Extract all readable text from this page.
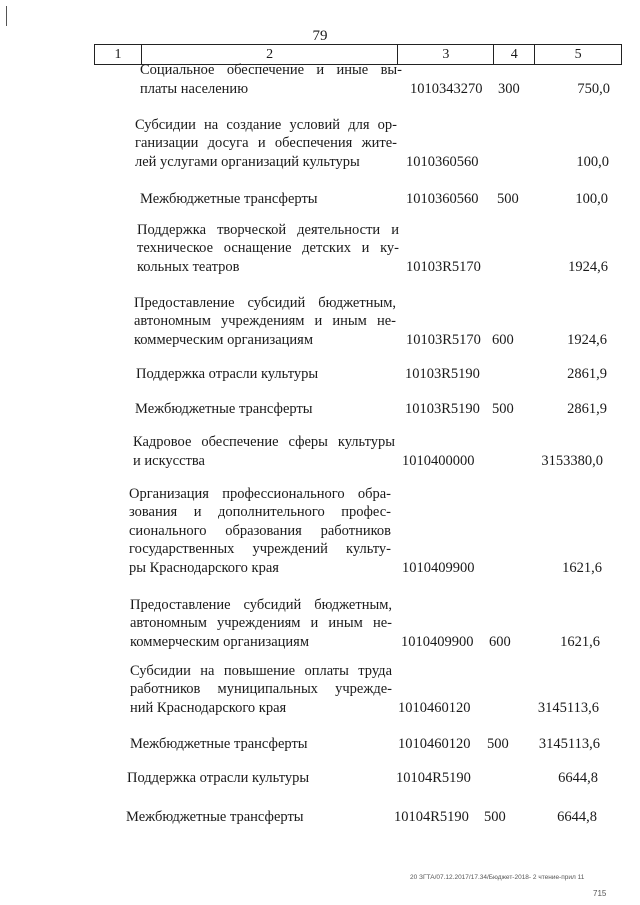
79
1	2	3	4	5
Социальное обеспечение и иные вы-
платы населению	1010343270 300	750,0
Субсидии на создание условий для ор-
ганизации досуга и обеспечения жите-
лей услугами организаций культуры	1010360560	100,0
Межбюджетные трансферты	1010360560 500	100,0
Поддержка творческой деятельности и
техническое оснащение детских и ку-
кольных театров	10103R5170	1924,6
Предоставление субсидий бюджетным,
автономным учреждениям и иным не-
коммерческим организациям	10103R5170 600	1924,6
Поддержка отрасли культуры	10103R5190	2861,9
Межбюджетные трансферты	10103R5190 500	2861,9
Кадровое обеспечение сферы культуры
и искусства	1010400000	3153380,0
Организация профессионального обра-
зования и дополнительного профес-
сионального образования работников
государственных учреждений культу-
ры Краснодарского края	1010409900	1621,6
Предоставление субсидий бюджетным,
автономным учреждениям и иным не-
коммерческим организациям	1010409900 600	1621,6
Субсидии на повышение оплаты труда
работников муниципальных учрежде-
ний Краснодарского края	1010460120	3145113,6
Межбюджетные трансферты	1010460120 500 3145113,6
Поддержка отрасли культуры	10104R5190	6644,8
Межбюджетные трансферты	10104R5190 500	6644,8
20 ЗГТА/07.12.2017/17.34/Бюджет-2018- 2 чтение-прил 11
715
